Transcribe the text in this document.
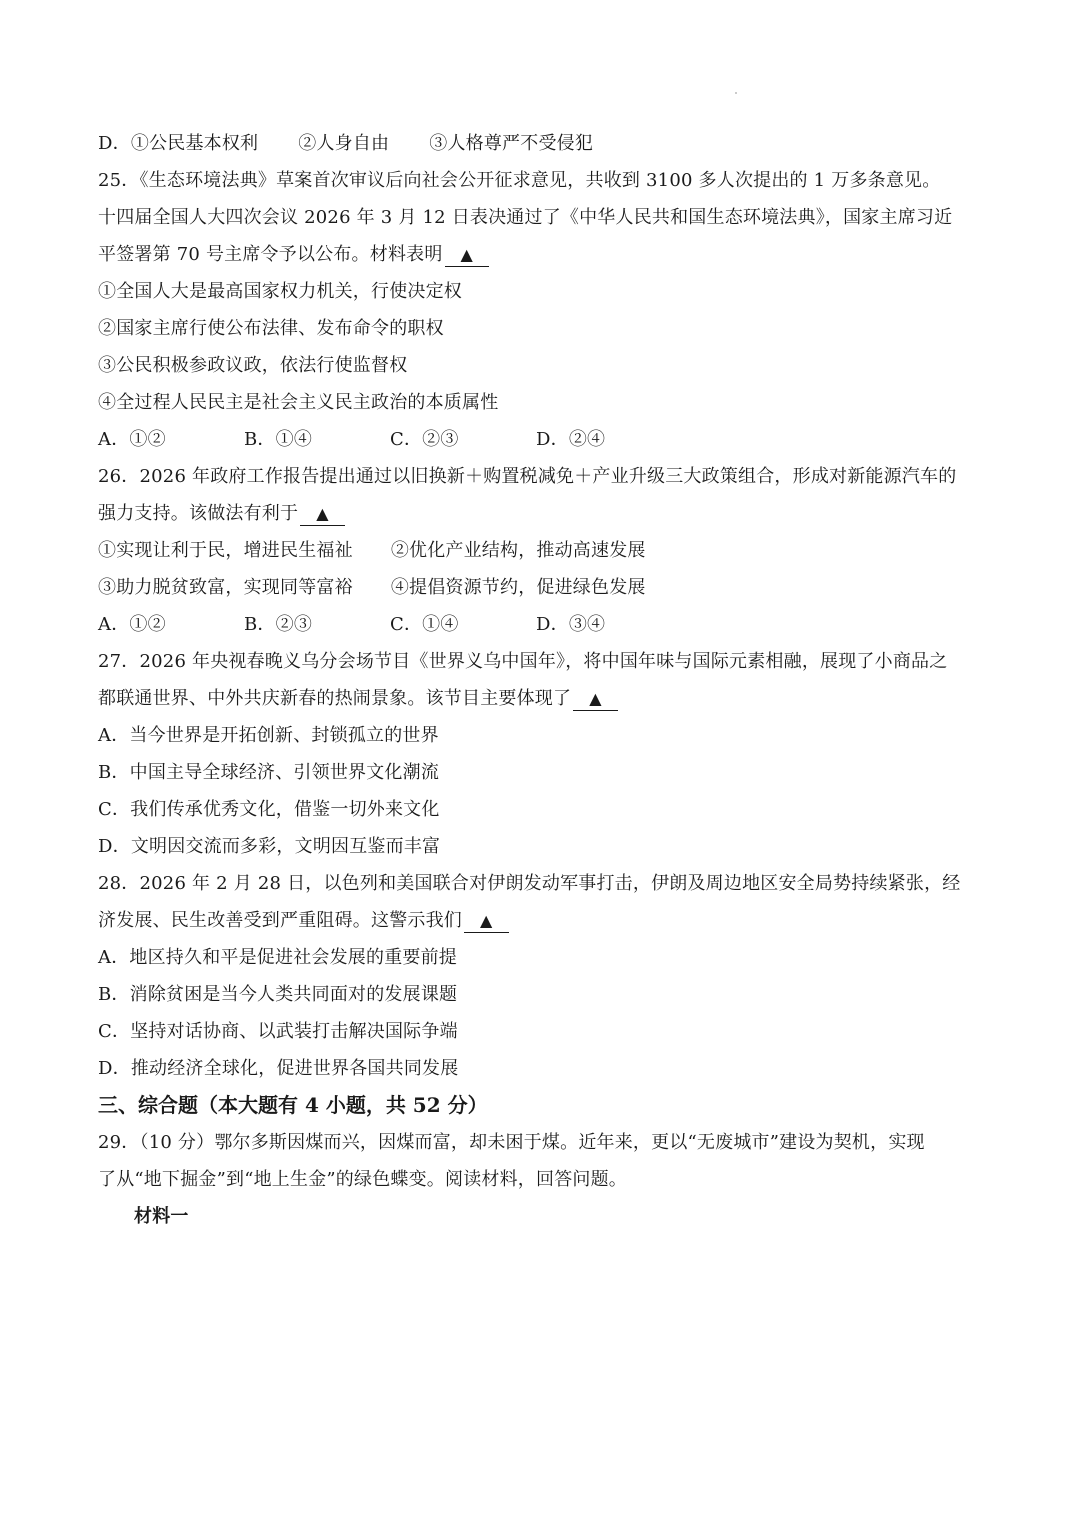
D．①公民基本权利 ②人身自由 ③人格尊严不受侵犯
25．《生态环境法典》草案首次审议后向社会公开征求意见，共收到 3100 多人次提出的 1 万多条意见。
十四届全国人大四次会议 2026 年 3 月 12 日表决通过了《中华人民共和国生态环境法典》，国家主席习近
平签署第 70 号主席令予以公布。材料表明 ▲
①全国人大是最高国家权力机关，行使决定权
②国家主席行使公布法律、发布命令的职权
③公民积极参政议政，依法行使监督权
④全过程人民民主是社会主义民主政治的本质属性
A．①②	B．①④	C．②③	D．②④
26．2026 年政府工作报告提出通过以旧换新＋购置税减免＋产业升级三大政策组合，形成对新能源汽车的
强力支持。该做法有利于 ▲
①实现让利于民，增进民生福祉 ②优化产业结构，推动高速发展
③助力脱贫致富，实现同等富裕 ④提倡资源节约，促进绿色发展
A．①②	B．②③	C．①④	D．③④
27．2026 年央视春晚义乌分会场节目《世界义乌中国年》，将中国年味与国际元素相融，展现了小商品之
都联通世界、中外共庆新春的热闹景象。该节目主要体现了 ▲
A．当今世界是开拓创新、封锁孤立的世界
B．中国主导全球经济、引领世界文化潮流
C．我们传承优秀文化，借鉴一切外来文化
D．文明因交流而多彩，文明因互鉴而丰富
28．2026 年 2 月 28 日，以色列和美国联合对伊朗发动军事打击，伊朗及周边地区安全局势持续紧张，经
济发展、民生改善受到严重阻碍。这警示我们 ▲
A．地区持久和平是促进社会发展的重要前提
B．消除贫困是当今人类共同面对的发展课题
C．坚持对话协商、以武装打击解决国际争端
D．推动经济全球化，促进世界各国共同发展
三、综合题（本大题有 4 小题，共 52 分）
29．（10 分）鄂尔多斯因煤而兴，因煤而富，却未困于煤。近年来，更以“无废城市”建设为契机，实现
了从“地下掘金”到“地上生金”的绿色蝶变。阅读材料，回答问题。
材料一
